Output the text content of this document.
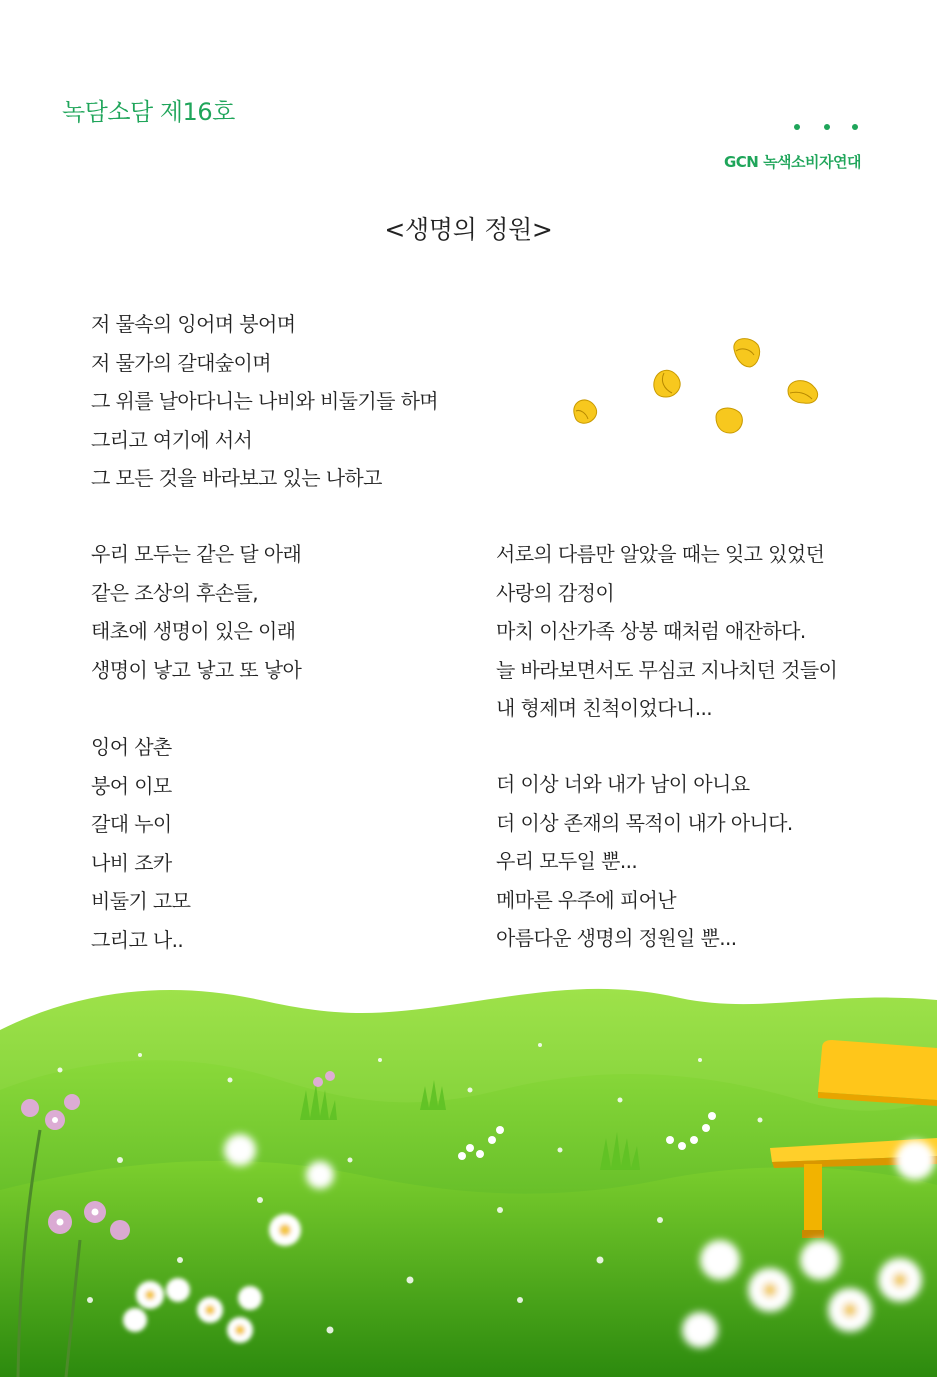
녹담소담 제16호
GCN 녹색소비자연대
<생명의 정원>
저 물속의 잉어며 붕어며
저 물가의 갈대숲이며
그 위를 날아다니는 나비와 비둘기들 하며
그리고 여기에 서서
그 모든 것을 바라보고 있는 나하고
우리 모두는 같은 달 아래
같은 조상의 후손들,
태초에 생명이 있은 이래
생명이 낳고 낳고 또 낳아
잉어 삼촌
붕어 이모
갈대 누이
나비 조카
비둘기 고모
그리고 나..
서로의 다름만 알았을 때는 잊고 있었던
사랑의 감정이
마치 이산가족 상봉 때처럼 애잔하다.
늘 바라보면서도 무심코 지나치던 것들이
내 형제며 친척이었다니...
더 이상 너와 내가 남이 아니요
더 이상 존재의 목적이 내가 아니다.
우리 모두일 뿐...
메마른 우주에 피어난
아름다운 생명의 정원일 뿐...
